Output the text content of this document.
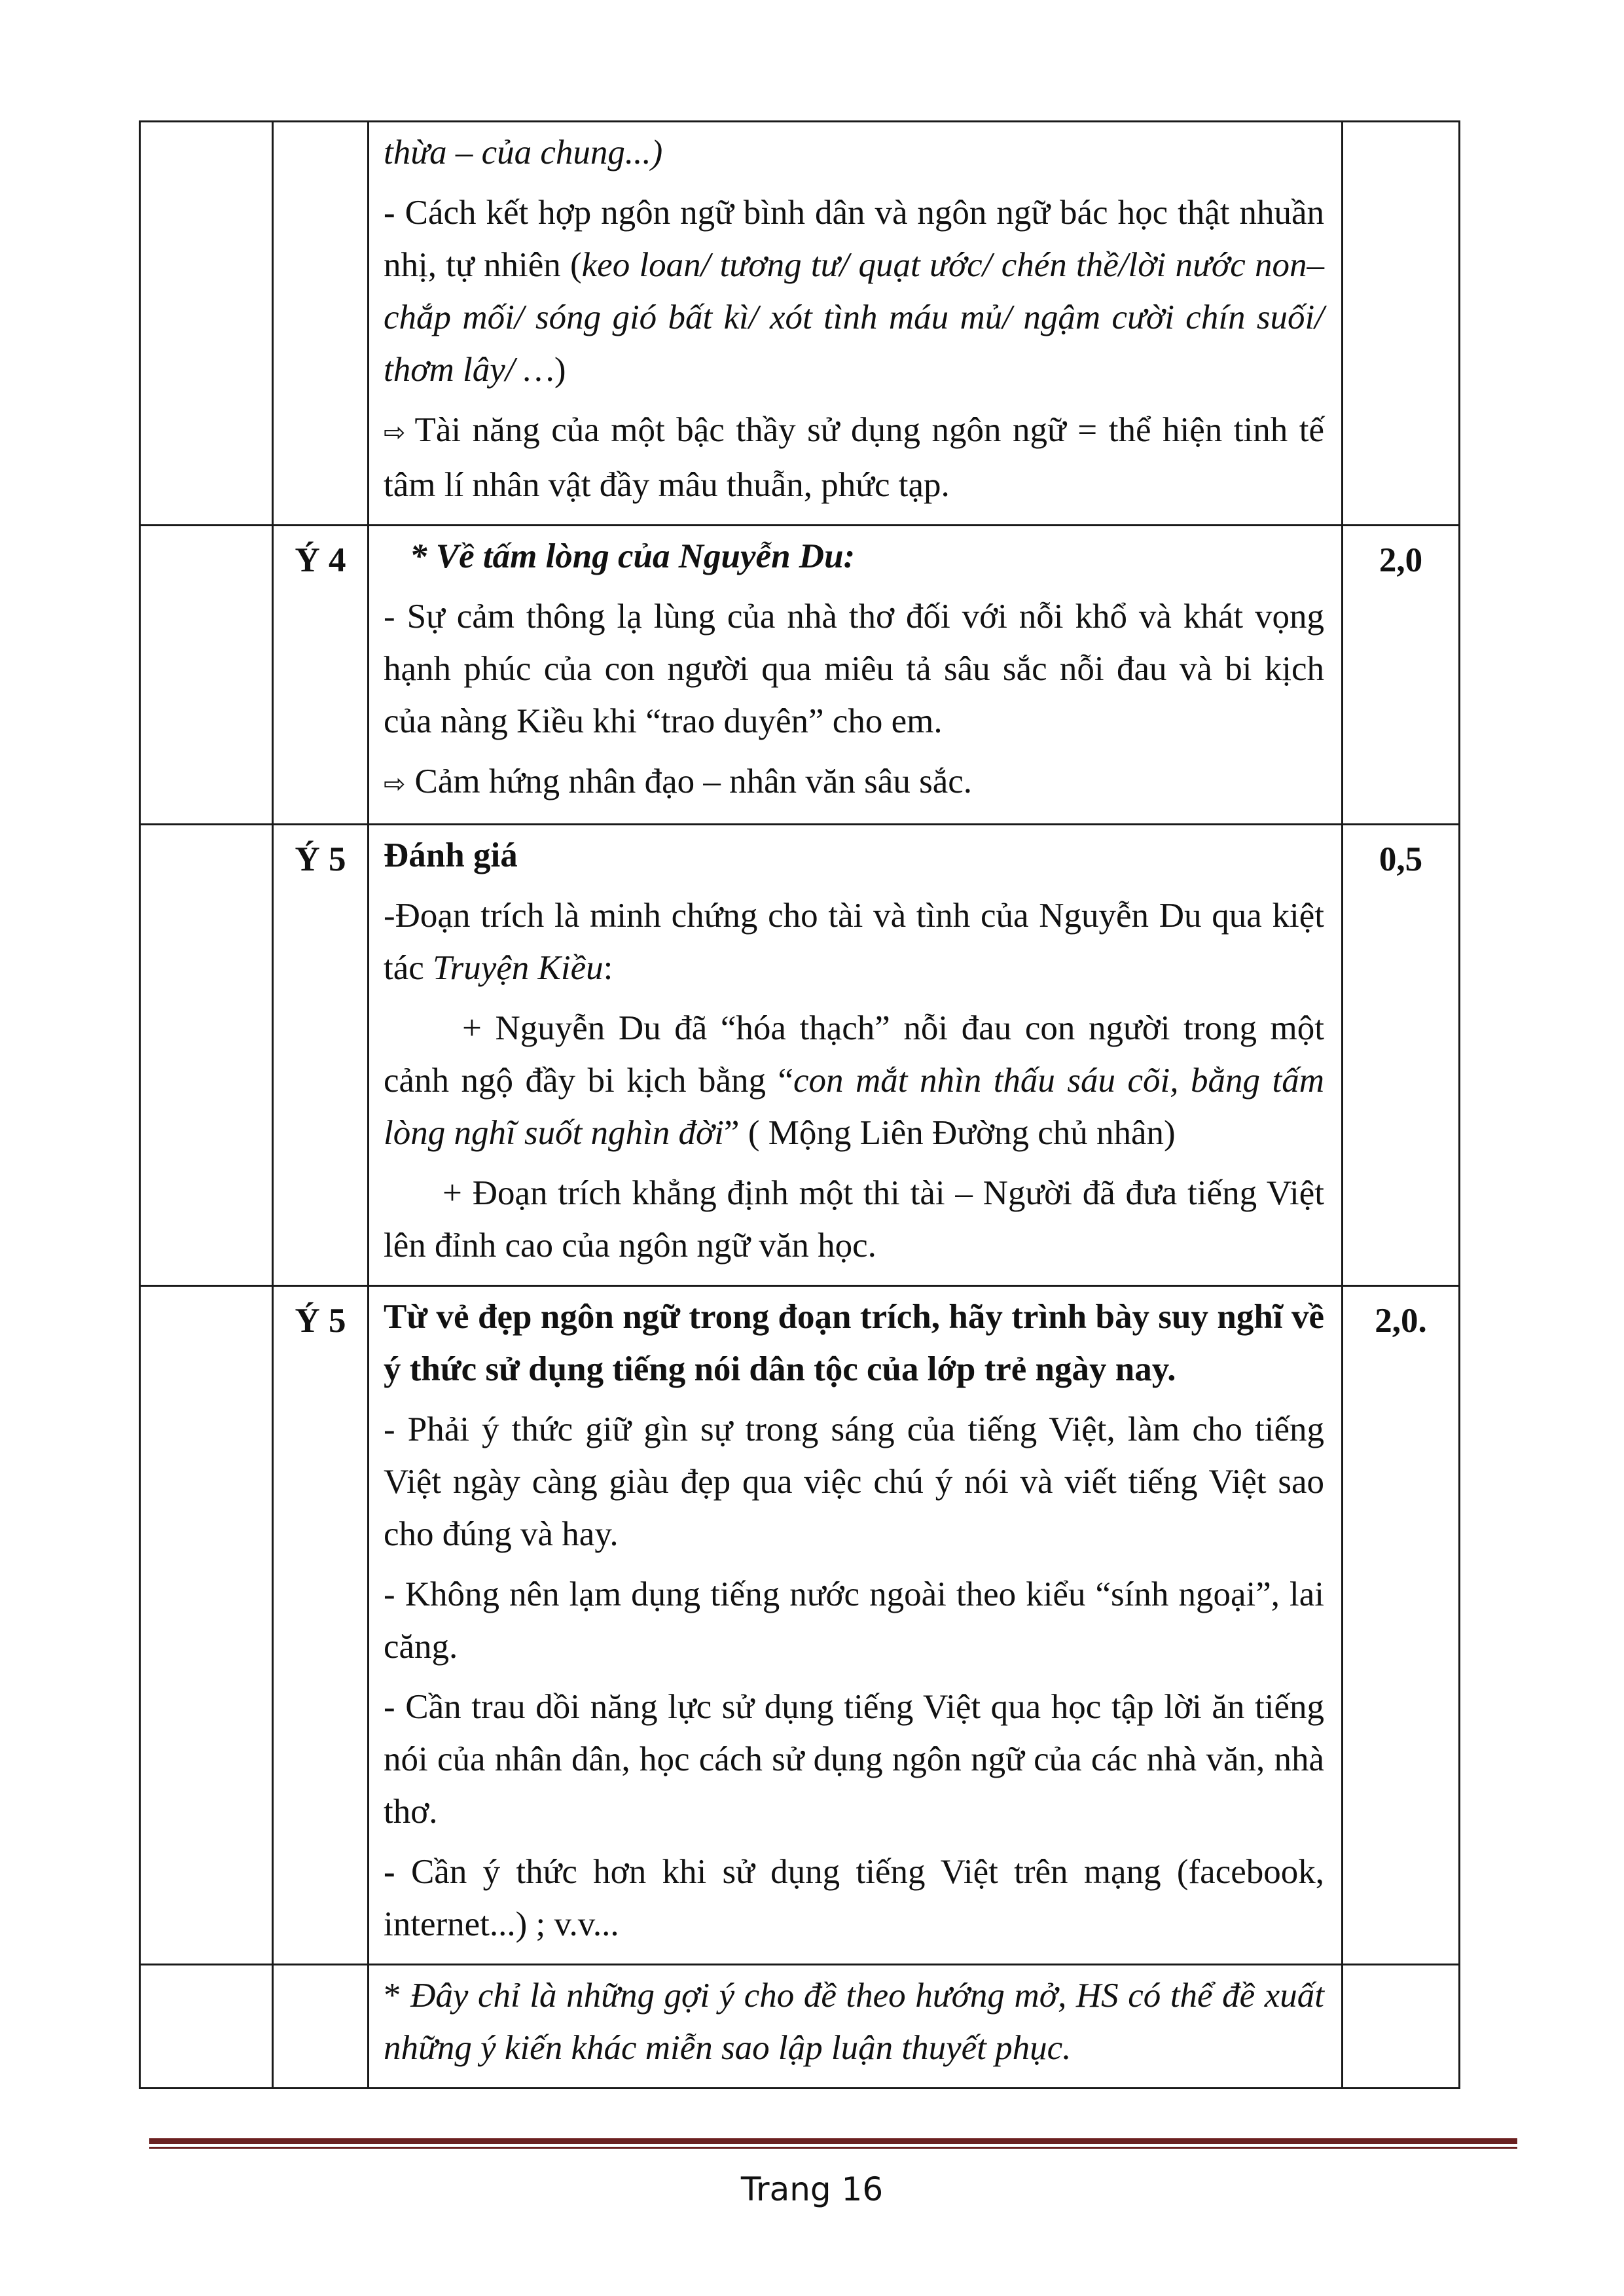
		thừa – của chung...)

- Cách kết hợp ngôn ngữ bình dân và ngôn ngữ bác học thật nhuần nhị, tự nhiên (keo loan/ tương tư/ quạt ước/ chén thề/lời nước non– chắp mối/ sóng gió bất kì/ xót tình máu mủ/ ngậm cười chín suối/ thơm lây/ …)

⇨ Tài năng của một bậc thầy sử dụng ngôn ngữ = thể hiện tinh tế tâm lí nhân vật đầy mâu thuẫn, phức tạp.	

	Ý 4	* Về tấm lòng của Nguyễn Du:

- Sự cảm thông lạ lùng của nhà thơ đối với nỗi khổ và khát vọng hạnh phúc của con người qua miêu tả sâu sắc nỗi đau và bi kịch của nàng Kiều khi “trao duyên” cho em.

⇨ Cảm hứng nhân đạo – nhân văn sâu sắc.	2,0
	Ý 5	Đánh giá

-Đoạn trích là minh chứng cho tài và tình của Nguyễn Du qua kiệt tác Truyện Kiều:

+ Nguyễn Du đã “hóa thạch” nỗi đau con người trong một cảnh ngộ đầy bi kịch bằng “con mắt nhìn thấu sáu cõi, bằng tấm lòng nghĩ suốt nghìn đời” ( Mộng Liên Đường chủ nhân)

+ Đoạn trích khẳng định một thi tài – Người đã đưa tiếng Việt lên đỉnh cao của ngôn ngữ văn học.	0,5
	Ý 5	Từ vẻ đẹp ngôn ngữ trong đoạn trích, hãy trình bày suy nghĩ về ý thức sử dụng tiếng nói dân tộc của lớp trẻ ngày nay.

- Phải ý thức giữ gìn sự trong sáng của tiếng Việt, làm cho tiếng Việt ngày càng giàu đẹp qua việc chú ý nói và viết tiếng Việt sao cho đúng và hay.

- Không nên lạm dụng tiếng nước ngoài theo kiểu “sính ngoại”, lai căng.

- Cần trau dồi năng lực sử dụng tiếng Việt qua học tập lời ăn tiếng nói của nhân dân, học cách sử dụng ngôn ngữ của các nhà văn, nhà thơ.

- Cần ý thức hơn khi sử dụng tiếng Việt trên mạng (facebook, internet...) ; v.v...	2,0.

		* Đây chỉ là những gợi ý cho đề theo hướng mở, HS có thể đề xuất những ý kiến khác miễn sao lập luận thuyết phục.	

Trang 16
